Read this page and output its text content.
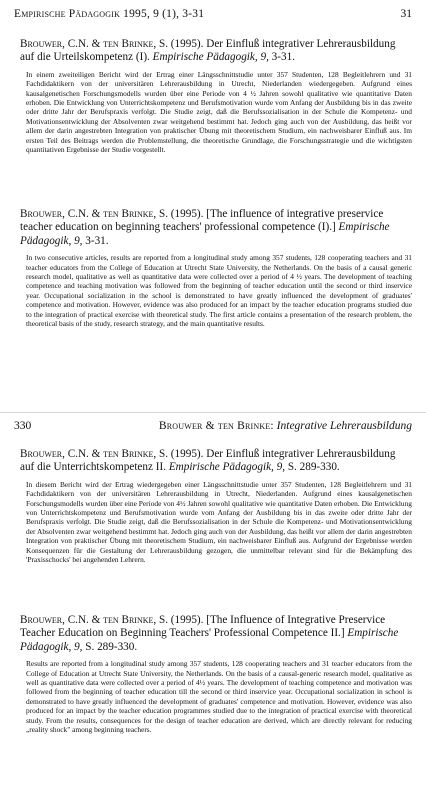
Empirische Pädagogik 1995, 9 (1), 3-31	31

Brouwer, C.N. & ten Brinke, S. (1995). Der Einfluß integrativer Lehrerausbildung auf die Urteilskompetenz (I). Empirische Pädagogik, 9, 3-31.

In einem zweiteiligen Bericht wird der Ertrag einer Längsschnittstudie unter 357 Studenten, 128 Begleitlehrern und 31 Fachdidaktikern von der universitären Lehrerausbildung in Utrecht, Niederlanden wiedergegeben. Aufgrund eines kausalgenetischen Forschungsmodells wurden über eine Periode von 4 ½ Jahren sowohl qualitative wie quantitative Daten erhoben. Die Entwicklung von Unterrichtskompetenz und Berufsmotivation wurde vom Anfang der Ausbildung bis in das zweite oder dritte Jahr der Berufspraxis verfolgt. Die Studie zeigt, daß die Berufssozialisation in der Schule die Kompetenz- und Motivationsentwicklung der Absolventen zwar weitgehend bestimmt hat. Jedoch ging auch von der Ausbildung, das heißt vor allem der darin angestrebten Integration von praktischer Übung mit theoretischem Studium, ein nachweisbarer Einfluß aus. Im ersten Teil des Beitrags werden die Problemstellung, die theoretische Grundlage, die Forschungsstrategie und die wichtigsten quantitativen Ergebnisse der Studie vorgestellt.

Brouwer, C.N. & ten Brinke, S. (1995). [The influence of integrative preservice teacher education on beginning teachers' professional competence (I).] Empirische Pädagogik, 9, 3-31.

In two consecutive articles, results are reported from a longitudinal study among 357 students, 128 cooperating teachers and 31 teacher educators from the College of Education at Utrecht State University, the Netherlands. On the basis of a causal generic research model, qualitative as well as quantitative data were collected over a period of 4 ½ years. The development of teaching competence and teaching motivation was followed from the beginning of teacher education until the second or third inservice year. Occupational socialization in the school is demonstrated to have greatly influenced the development of graduates' competence and motivation. However, evidence was also produced for an impact by the teacher education programs studied due to the integration of practical exercise with theoretical study. The first article contains a presentation of the research problem, the theoretical basis of the study, research strategy, and the main quantitative results.

330	Brouwer & ten Brinke: Integrative Lehrerausbildung

Brouwer, C.N. & ten Brinke, S. (1995). Der Einfluß integrativer Lehrerausbildung auf die Unterrichtskompetenz II. Empirische Pädagogik, 9, S. 289-330.

In diesem Bericht wird der Ertrag wiedergegeben einer Längsschnittstudie unter 357 Studenten, 128 Begleitlehrern und 31 Fachdidaktikern von der universitären Lehrerausbildung in Utrecht, Niederlanden. Aufgrund eines kausalgenetischen Forschungsmodells wurden über eine Periode von 4½ Jahren sowohl qualitative wie quantitative Daten erhoben. Die Entwicklung von Unterrichtskompetenz und Berufsmotivation wurde vom Anfang der Ausbildung bis in das zweite oder dritte Jahr der Berufspraxis verfolgt. Die Studie zeigt, daß die Berufssozialisation in der Schule die Kompetenz- und Motivationsentwicklung der Absolventen zwar weitgehend bestimmt hat. Jedoch ging auch von der Ausbildung, das heißt vor allem der darin angestrebten Integration von praktischer Übung mit theoretischem Studium, ein nachweisbarer Einfluß aus. Aufgrund der Ergebnisse werden Konsequenzen für die Gestaltung der Lehrerausbildung gezogen, die unmittelbar relevant sind für die Bekämpfung des 'Praxisschocks' bei angehenden Lehrern.

Brouwer, C.N. & ten Brinke, S. (1995). [The Influence of Integrative Preservice Teacher Education on Beginning Teachers' Professional Competence II.] Empirische Pädagogik, 9, S. 289-330.

Results are reported from a longitudinal study among 357 students, 128 cooperating teachers and 31 teacher educators from the College of Education at Utrecht State University, the Netherlands. On the basis of a causal-generic research model, qualitative as well as quantitative data were collected over a period of 4½ years. The development of teaching competence and motivation was followed from the beginning of teacher education till the second or third inservice year. Occupational socialization in school is demonstrated to have greatly influenced the development of graduates' competence and motivation. However, evidence was also produced for an impact by the teacher education programmes studied due to the integration of practical exercise with theoretical study. From the results, consequences for the design of teacher education are derived, which are directly relevant for reducing „reality shock" among beginning teachers.
